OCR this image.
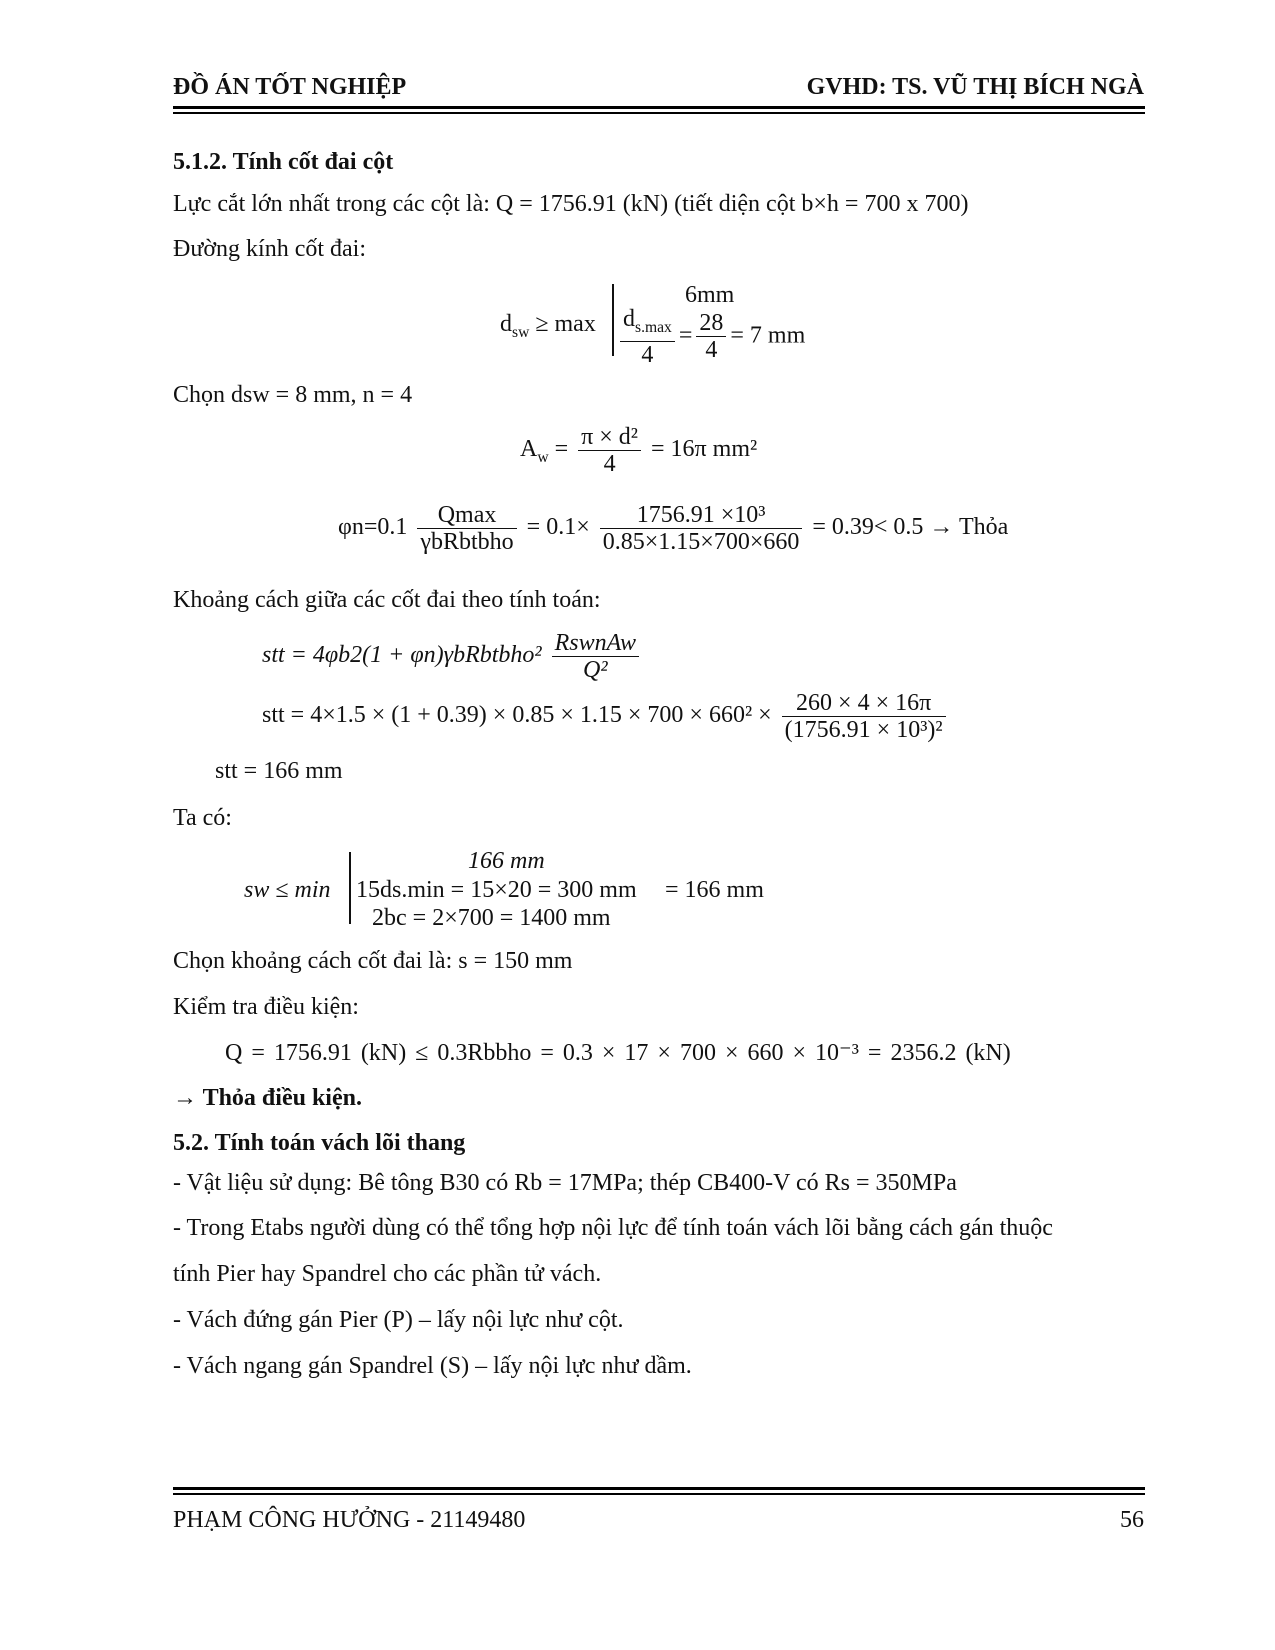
ĐỒ ÁN TỐT NGHIỆP	GVHD: TS. VŨ THỊ BÍCH NGÀ
5.1.2. Tính cốt đai cột
Lực cắt lớn nhất trong các cột là: Q = 1756.91 (kN) (tiết diện cột b×h = 700 x 700)
Đường kính cốt đai:
$d_{sw} \ge \max$
6mm
$\frac{d_{s.max}}{4} = \frac{28}{4} = 7$ mm
Chọn dsw = 8 mm, n = 4
$A_w = \frac{\text{π × d²}}{4} = 16\pi$ mm²
$\varphi n=0.1 \frac{Qmax}{\text{γbRbtbho}} = 0.1\times \frac{\text{1756.91 ×10³}}{0.85\times 1.15\times 700\times 660} = 0.39< 0.5$ → Thỏa
Khoảng cách giữa các cốt đai theo tính toán:
stt = 4φb2(1 + φn)γbRbtbho² $\frac{\text{RswnAw}}{\text{Q²}}$
stt = $4\times 1.5 \times (1 + 0.39) \times 0.85 \times 1.15 \times 700 \times 660^2 \times \frac{260 \times 4 \times 16\pi}{\text{(1756.91 × 10³)²}}$
stt = 166 mm
Ta có:
sw ≤ min
166 mm
15ds.min = 15×20 = 300 mm
2bc = 2×700 = 1400 mm
= 166 mm
Chọn khoảng cách cốt đai là: s = 150 mm
Kiểm tra điều kiện:
Q = 1756.91 (kN) ≤ 0.3Rbbho = 0.3 × 17 × 700 × 660 × 10⁻³ = 2356.2 (kN)
→ Thỏa điều kiện.
5.2. Tính toán vách lõi thang
- Vật liệu sử dụng: Bê tông B30 có Rb = 17MPa; thép CB400-V có Rs = 350MPa
- Trong Etabs người dùng có thể tổng hợp nội lực để tính toán vách lõi bằng cách gán thuộc
tính Pier hay Spandrel cho các phần tử vách.
- Vách đứng gán Pier (P) – lấy nội lực như cột.
- Vách ngang gán Spandrel (S) – lấy nội lực như dầm.
PHẠM CÔNG HƯỞNG - 21149480	56
